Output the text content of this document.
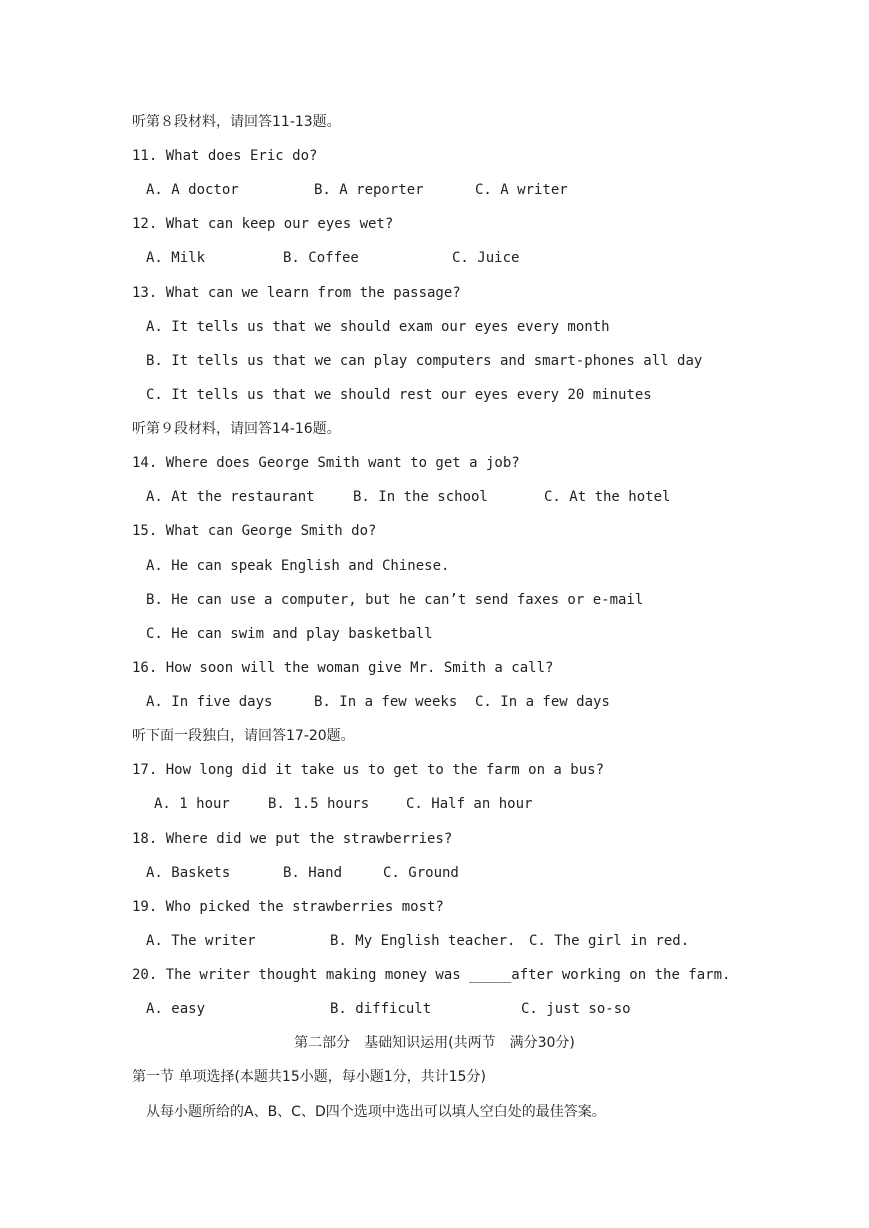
听第８段材料，请回答11-13题。
11. What does Eric do?

A. A doctor

	B. A reporter

	C. A writer

12. What can keep our eyes wet?

A. Milk

	B. Coffee

	C. Juice

13. What can we learn from the passage?
A. It tells us that we should exam our eyes every month
B. It tells us that we can play computers and smart-phones all day
C. It tells us that we should rest our eyes every 20 minutes
听第９段材料，请回答14-16题。
14. Where does George Smith want to get a job?

A. At the restaurant

	B. In the school

	C. At the hotel

15. What can George Smith do?
A. He can speak English and Chinese.
B. He can use a computer, but he can’t send faxes or e-mail
C. He can swim and play basketball
16. How soon will the woman give Mr. Smith a call?

A. In five days

	B. In a few weeks

C. In a few days

听下面一段独白，请回答17-20题。
17. How long did it take us to get to the farm on a bus?

A. 1 hour

	B. 1.5 hours

	C. Half an hour

18. Where did we put the strawberries?

A. Baskets

	B. Hand

	C. Ground

19. Who picked the strawberries most?

A. The writer

	B. My English teacher.

C. The girl in red.

20. The writer thought making money was _____after working on the farm.

A. easy

	B. difficult

	C. just so-so

第二部分　基础知识运用(共两节　满分30分)
第一节 单项选择(本题共15小题，每小题1分，共计15分)
从每小题所给的A、B、C、D四个选项中选出可以填人空白处的最佳答案。
